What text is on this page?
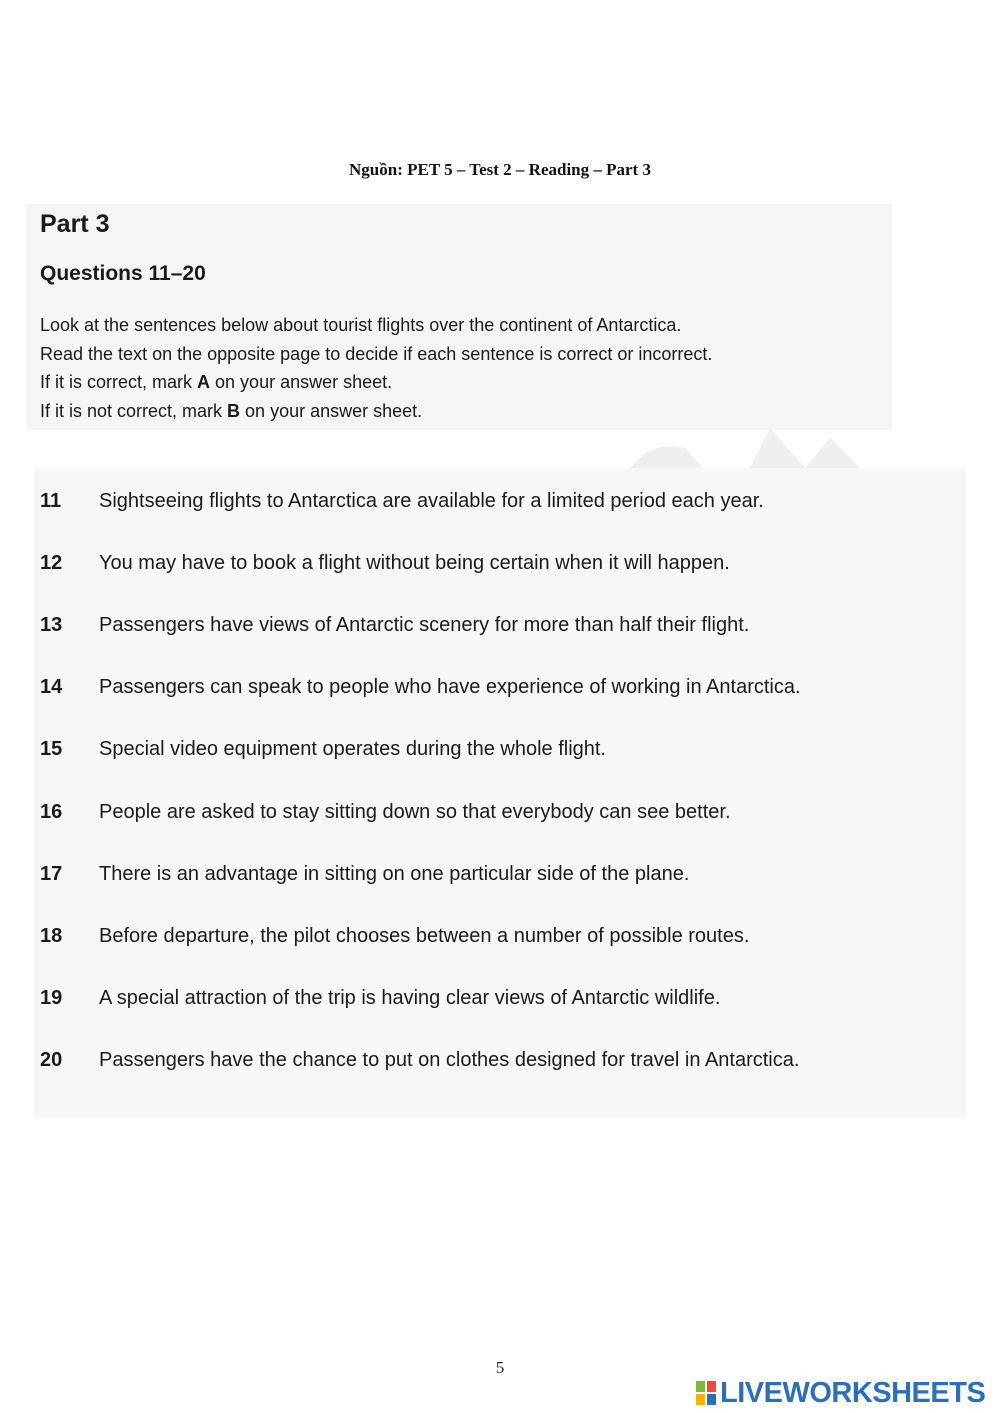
Nguồn: PET 5 – Test 2 – Reading – Part 3
Part 3
Questions 11–20
Look at the sentences below about tourist flights over the continent of Antarctica.
Read the text on the opposite page to decide if each sentence is correct or incorrect.
If it is correct, mark A on your answer sheet.
If it is not correct, mark B on your answer sheet.
11	Sightseeing flights to Antarctica are available for a limited period each year.
12	You may have to book a flight without being certain when it will happen.
13	Passengers have views of Antarctic scenery for more than half their flight.
14	Passengers can speak to people who have experience of working in Antarctica.
15	Special video equipment operates during the whole flight.
16	People are asked to stay sitting down so that everybody can see better.
17	There is an advantage in sitting on one particular side of the plane.
18	Before departure, the pilot chooses between a number of possible routes.
19	A special attraction of the trip is having clear views of Antarctic wildlife.
20	Passengers have the chance to put on clothes designed for travel in Antarctica.
5
LIVEWORKSHEETS
